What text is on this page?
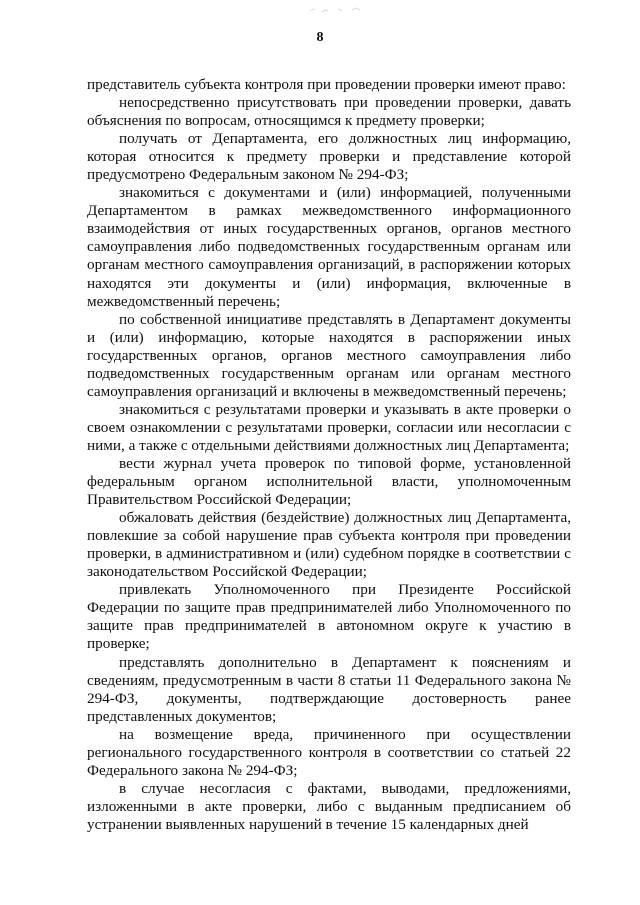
8

представитель субъекта контроля при проведении проверки имеют право:

непосредственно присутствовать при проведении проверки, давать объяснения по вопросам, относящимся к предмету проверки;

получать от Департамента, его должностных лиц информацию, которая относится к предмету проверки и представление которой предусмотрено Федеральным законом № 294-ФЗ;

знакомиться с документами и (или) информацией, полученными Департаментом в рамках межведомственного информационного взаимодействия от иных государственных органов, органов местного самоуправления либо подведомственных государственным органам или органам местного самоуправления организаций, в распоряжении которых находятся эти документы и (или) информация, включенные в межведомственный перечень;

по собственной инициативе представлять в Департамент документы и (или) информацию, которые находятся в распоряжении иных государственных органов, органов местного самоуправления либо подведомственных государственным органам или органам местного самоуправления организаций и включены в межведомственный перечень;

знакомиться с результатами проверки и указывать в акте проверки о своем ознакомлении с результатами проверки, согласии или несогласии с ними, а также с отдельными действиями должностных лиц Департамента;

вести журнал учета проверок по типовой форме, установленной федеральным органом исполнительной власти, уполномоченным Правительством Российской Федерации;

обжаловать действия (бездействие) должностных лиц Департамента, повлекшие за собой нарушение прав субъекта контроля при проведении проверки, в административном и (или) судебном порядке в соответствии с законодательством Российской Федерации;

привлекать Уполномоченного при Президенте Российской Федерации по защите прав предпринимателей либо Уполномоченного по защите прав предпринимателей в автономном округе к участию в проверке;

представлять дополнительно в Департамент к пояснениям и сведениям, предусмотренным в части 8 статьи 11 Федерального закона № 294-ФЗ, документы, подтверждающие достоверность ранее представленных документов;

на возмещение вреда, причиненного при осуществлении регионального государственного контроля в соответствии со статьей 22 Федерального закона № 294-ФЗ;

в случае несогласия с фактами, выводами, предложениями, изложенными в акте проверки, либо с выданным предписанием об устранении выявленных нарушений в течение 15 календарных дней
